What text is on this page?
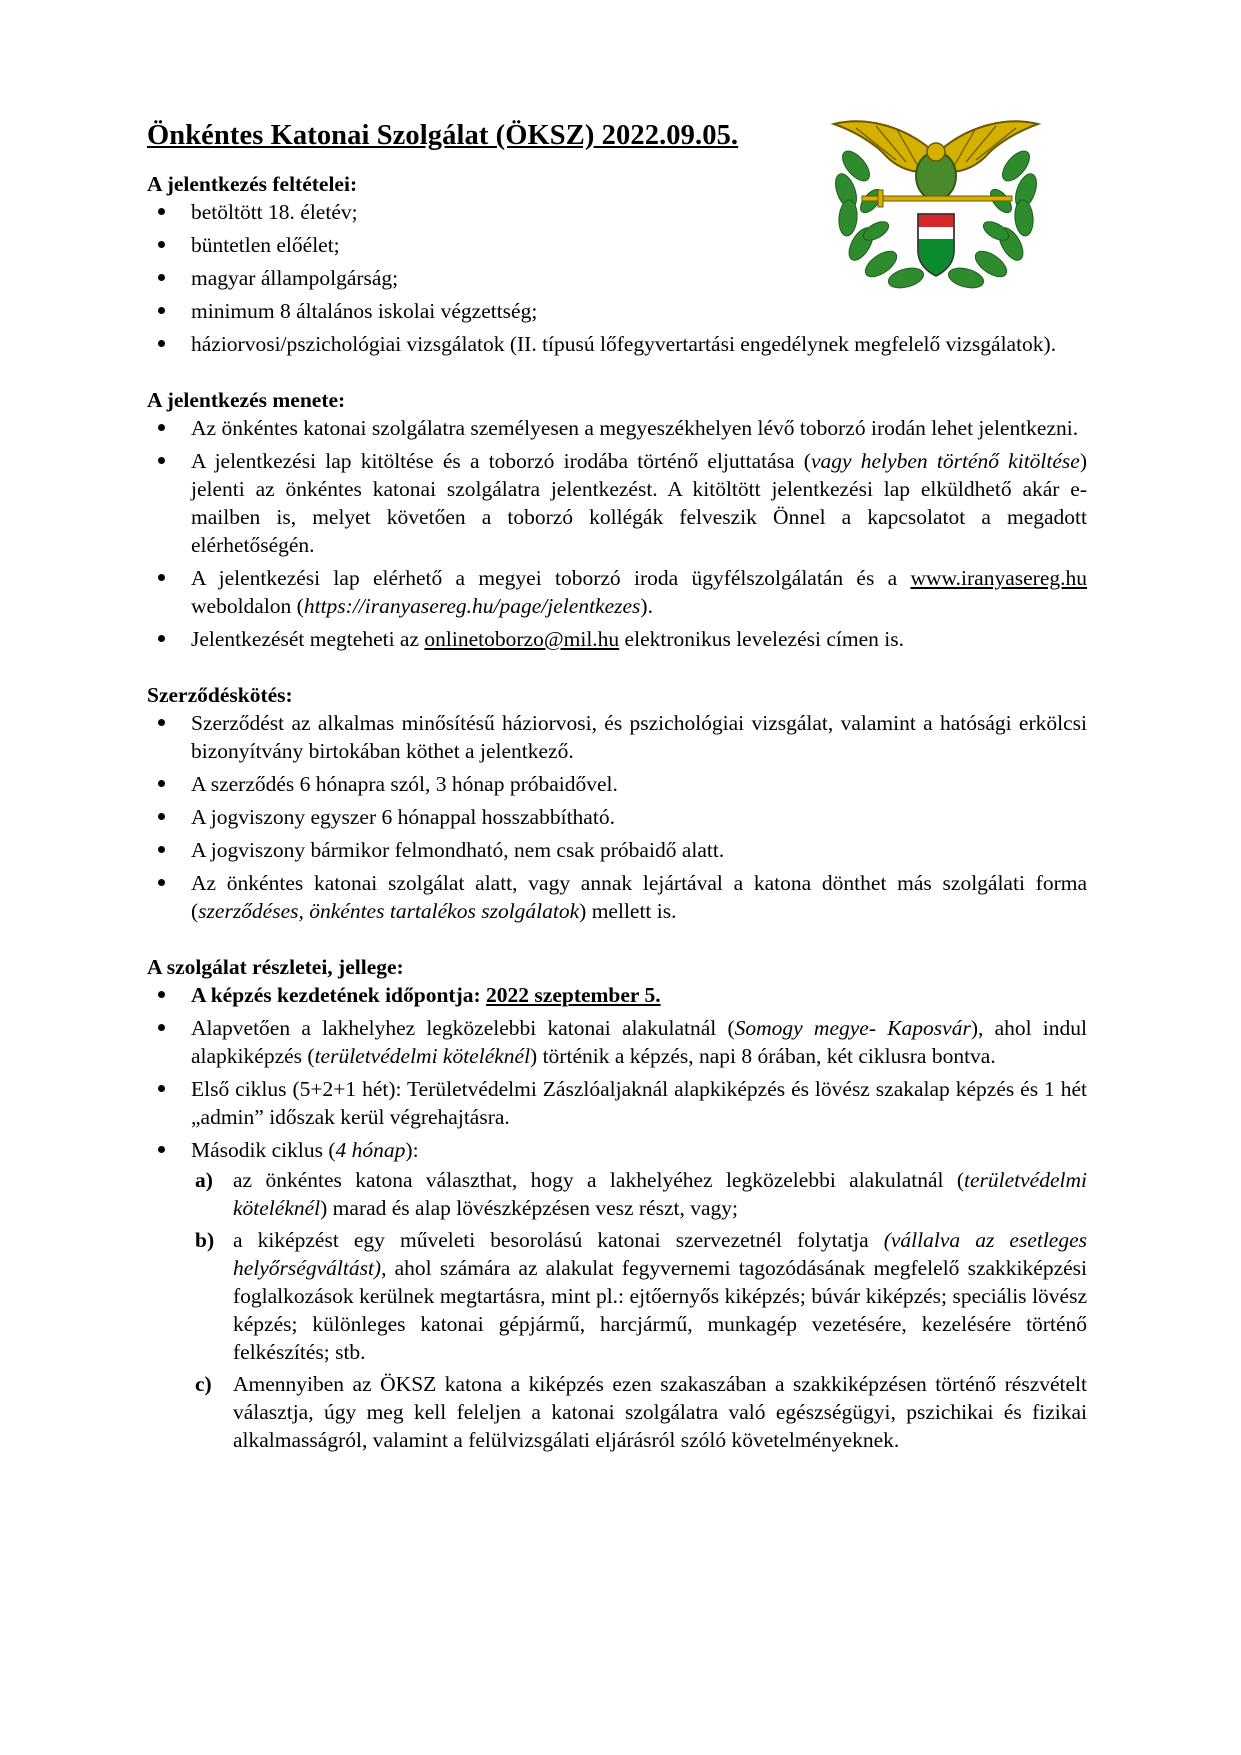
Önkéntes Katonai Szolgálat (ÖKSZ) 2022.09.05.
A jelentkezés feltételei:
betöltött 18. életév;
büntetlen előélet;
magyar állampolgárság;
minimum 8 általános iskolai végzettség;
háziorvosi/pszichológiai vizsgálatok (II. típusú lőfegyvertartási engedélynek megfelelő vizsgálatok).
A jelentkezés menete:
Az önkéntes katonai szolgálatra személyesen a megyeszékhelyen lévő toborzó irodán lehet jelentkezni.
A jelentkezési lap kitöltése és a toborzó irodába történő eljuttatása (vagy helyben történő kitöltése) jelenti az önkéntes katonai szolgálatra jelentkezést. A kitöltött jelentkezési lap elküldhető akár e-mailben is, melyet követően a toborzó kollégák felveszik Önnel a kapcsolatot a megadott elérhetőségén.
A jelentkezési lap elérhető a megyei toborzó iroda ügyfélszolgálatán és a www.iranyasereg.hu weboldalon (https://iranyasereg.hu/page/jelentkezes).
Jelentkezését megteheti az onlinetoborzo@mil.hu elektronikus levelezési címen is.
Szerződéskötés:
Szerződést az alkalmas minősítésű háziorvosi, és pszichológiai vizsgálat, valamint a hatósági erkölcsi bizonyítvány birtokában köthet a jelentkező.
A szerződés 6 hónapra szól, 3 hónap próbaidővel.
A jogviszony egyszer 6 hónappal hosszabbítható.
A jogviszony bármikor felmondható, nem csak próbaidő alatt.
Az önkéntes katonai szolgálat alatt, vagy annak lejártával a katona dönthet más szolgálati forma (szerződéses, önkéntes tartalékos szolgálatok) mellett is.
A szolgálat részletei, jellege:
A képzés kezdetének időpontja: 2022 szeptember 5.
Alapvetően a lakhelyhez legközelebbi katonai alakulatnál (Somogy megye- Kaposvár), ahol indul alapkiképzés (területvédelmi köteléknél) történik a képzés, napi 8 órában, két ciklusra bontva.
Első ciklus (5+2+1 hét): Területvédelmi Zászlóaljaknál alapkiképzés és lövész szakalap képzés és 1 hét „admin” időszak kerül végrehajtásra.
Második ciklus (4 hónap):
a) az önkéntes katona választhat, hogy a lakhelyéhez legközelebbi alakulatnál (területvédelmi köteléknél) marad és alap lövészképzésen vesz részt, vagy;
b) a kiképzést egy műveleti besorolású katonai szervezetnél folytatja (vállalva az esetleges helyőrségváltást), ahol számára az alakulat fegyvernemi tagozódásának megfelelő szakkiképzési foglalkozások kerülnek megtartásra, mint pl.: ejtőernyős kiképzés; búvár kiképzés; speciális lövész képzés; különleges katonai gépjármű, harcjármű, munkagép vezetésére, kezelésére történő felkészítés; stb.
c) Amennyiben az ÖKSZ katona a kiképzés ezen szakaszában a szakkiképzésen történő részvételt választja, úgy meg kell feleljen a katonai szolgálatra való egészségügyi, pszichikai és fizikai alkalmasságról, valamint a felülvizsgálati eljárásról szóló követelményeknek.
